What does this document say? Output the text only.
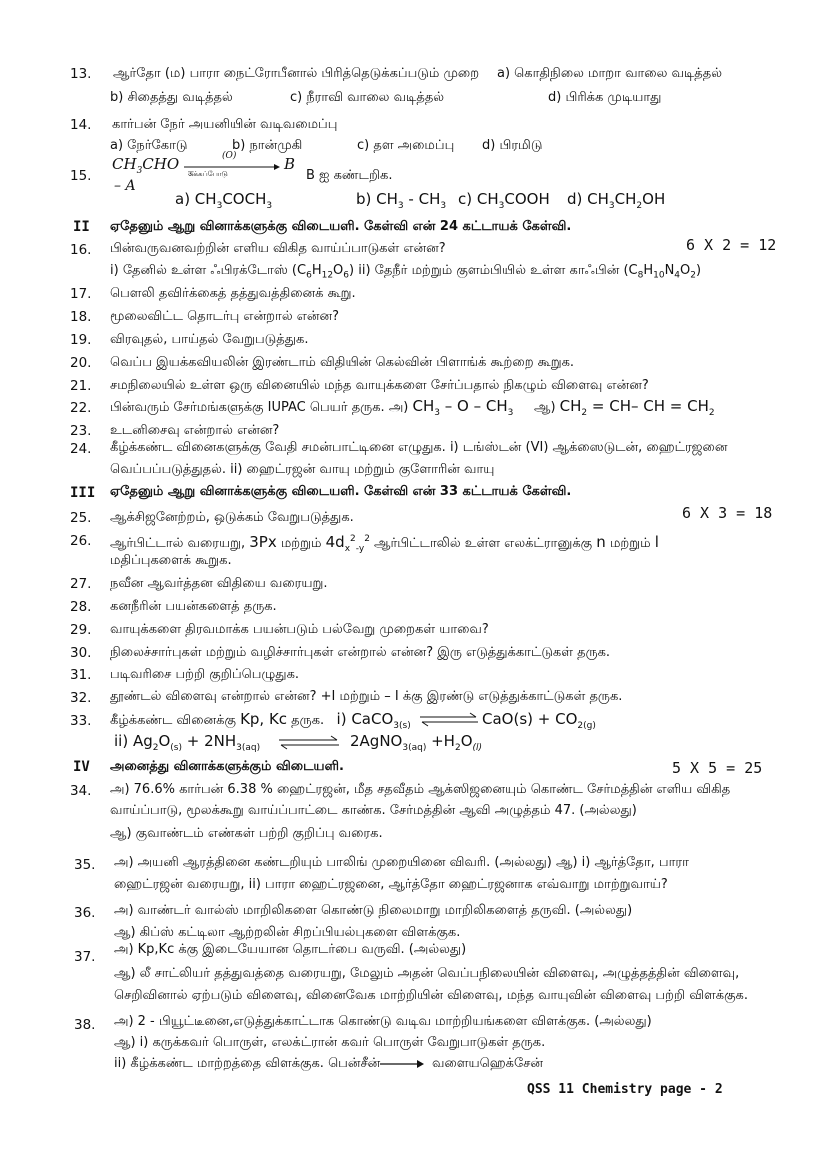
13. ஆர்தோ (ம) பாரா நைட்ரோபீனால் பிரித்தெடுக்கப்படும் முறை a) கொதிநிலை மாறா வாலை வடித்தல்
b) சிதைத்து வடித்தல்	c) நீராவி வாலை வடித்தல்	d) பிரிக்க முடியாது
14. கார்பன் நேர் அயனியின் வடிவமைப்பு
a) நேர்கோடு	b) நான்முகி	c) தள அமைப்பு d) பிரமிடு
15.
$CH_3CHO$	(O)
ऊக்கப்போடு
B
B ஐ கண்டறிக.
– A
a) $CH_3COCH_3$	b) $CH_3 - CH_3$ c) $CH_3COOH$ d) $CH_3CH_2OH$
II ஏதேனும் ஆறு வினாக்களுக்கு விடையளி. கேள்வி என் 24 கட்டாயக் கேள்வி.
6 X 2 = 12
16. பின்வருவனவற்றின் எளிய விகித வாய்ப்பாடுகள் என்ன?
i) தேனில் உள்ள ஃபிரக்டோஸ் $(C_6H_{12}O_6)$ ii) தேநீர் மற்றும் குளம்பியில் உள்ள காஃபின் $(C_8H_{10}N_4O_2)$
17. பௌலி தவிர்க்கைத் தத்துவத்தினைக் கூறு.
18. மூலைவிட்ட தொடர்பு என்றால் என்ன?
19. விரவுதல், பாய்தல் வேறுபடுத்துக.
20. வெப்ப இயக்கவியலின் இரண்டாம் விதியின் கெல்வின் பிளாங்க் கூற்றை கூறுக.
21. சமநிலையில் உள்ள ஒரு வினையில் மந்த வாயுக்களை சேர்ப்பதால் நிகழும் விளைவு என்ன?
22. பின்வரும் சேர்மங்களுக்கு IUPAC பெயர் தருக. அ) $CH_3$ – O – $CH_3$     ஆ) $CH_2 = CH-$ CH = $CH_2$
23. உடனிசைவு என்றால் என்ன?
24. கீழ்க்கண்ட வினைகளுக்கு வேதி சமன்பாட்டினை எழுதுக. i) டங்ஸ்டன் (VI) ஆக்ஸைடுடன், ஹைட்ரஜனை
வெப்பப்படுத்துதல். ii) ஹைட்ரஜன் வாயு மற்றும் குளோரின் வாயு
III ஏதேனும் ஆறு வினாக்களுக்கு விடையளி. கேள்வி என் 33 கட்டாயக் கேள்வி.
6 X 3 = 18
25. ஆக்சிஜனேற்றம், ஒடுக்கம் வேறுபடுத்துக.
26. ஆர்பிட்டால் வரையறு, 3Px மற்றும் $4d_x^2_{-y}^2$ ஆர்பிட்டாலில் உள்ள எலக்ட்ரானுக்கு n மற்றும் l
மதிப்புகளைக் கூறுக.
27. நவீன ஆவர்த்தன விதியை வரையறு.
28. கனநீரின் பயன்களைத் தருக.
29. வாயுக்களை திரவமாக்க பயன்படும் பல்வேறு முறைகள் யாவை?
30. நிலைச்சார்புகள் மற்றும் வழிச்சார்புகள் என்றால் என்ன? இரு எடுத்துக்காட்டுகள் தருக.
31. படிவரிசை பற்றி குறிப்பெழுதுக.
32. தூண்டல் விளைவு என்றால் என்ன? +I மற்றும் – I க்கு இரண்டு எடுத்துக்காட்டுகள் தருக.
33. கீழ்க்கண்ட வினைக்கு Kp, Kc தருக.   i) CaCO$_{3(s)}$	$CaO(s) + CO_{2(g)}$
ii) $Ag_2O_{(s)} + 2NH_{3(aq)}$	2AgNO$_{3(aq)}$ $+H_2O_{(l)}$
IV அனைத்து வினாக்களுக்கும் விடையளி.	5 X 5 = 25
34. அ) 76.6% கார்பன் 6.38 % ஹைட்ரஜன், மீத சதவீதம் ஆக்ஸிஜனையும் கொண்ட சேர்மத்தின் எளிய விகித
வாய்ப்பாடு, மூலக்கூறு வாய்ப்பாட்டை காண்க. சேர்மத்தின் ஆவி அழுத்தம் 47. (அல்லது)
ஆ) குவாண்டம் எண்கள் பற்றி குறிப்பு வரைக.
35. அ) அயனி ஆரத்தினை கண்டறியும் பாலிங் முறையினை விவரி. (அல்லது) ஆ) i) ஆர்த்தோ, பாரா
ஹைட்ரஜன் வரையறு, ii) பாரா ஹைட்ரஜனை, ஆர்த்தோ ஹைட்ரஜனாக எவ்வாறு மாற்றுவாய்?
36. அ) வாண்டர் வால்ஸ் மாறிலிகளை கொண்டு நிலைமாறு மாறிலிகளைத் தருவி. (அல்லது)
ஆ) கிப்ஸ் கட்டிலா ஆற்றலின் சிறப்பியல்புகளை விளக்குக.
37. அ) Kp,Kc க்கு இடையேயான தொடர்பை வருவி. (அல்லது)
ஆ) லீ சாட்லியர் தத்துவத்தை வரையறு, மேலும் அதன் வெப்பநிலையின் விளைவு, அழுத்தத்தின் விளைவு,
செறிவினால் ஏற்படும் விளைவு, வினைவேக மாற்றியின் விளைவு, மந்த வாயுவின் விளைவு பற்றி விளக்குக.
38. அ) 2 - பியூட்டீனை,எடுத்துக்காட்டாக கொண்டு வடிவ மாற்றியங்களை விளக்குக. (அல்லது)
ஆ) i) கருக்கவர் பொருள், எலக்ட்ரான் கவர் பொருள் வேறுபாடுகள் தருக.
ii) கீழ்க்கண்ட மாற்றத்தை விளக்குக. பென்சீன்	வளையஹெக்சேன்
QSS 11 Chemistry page - 2
